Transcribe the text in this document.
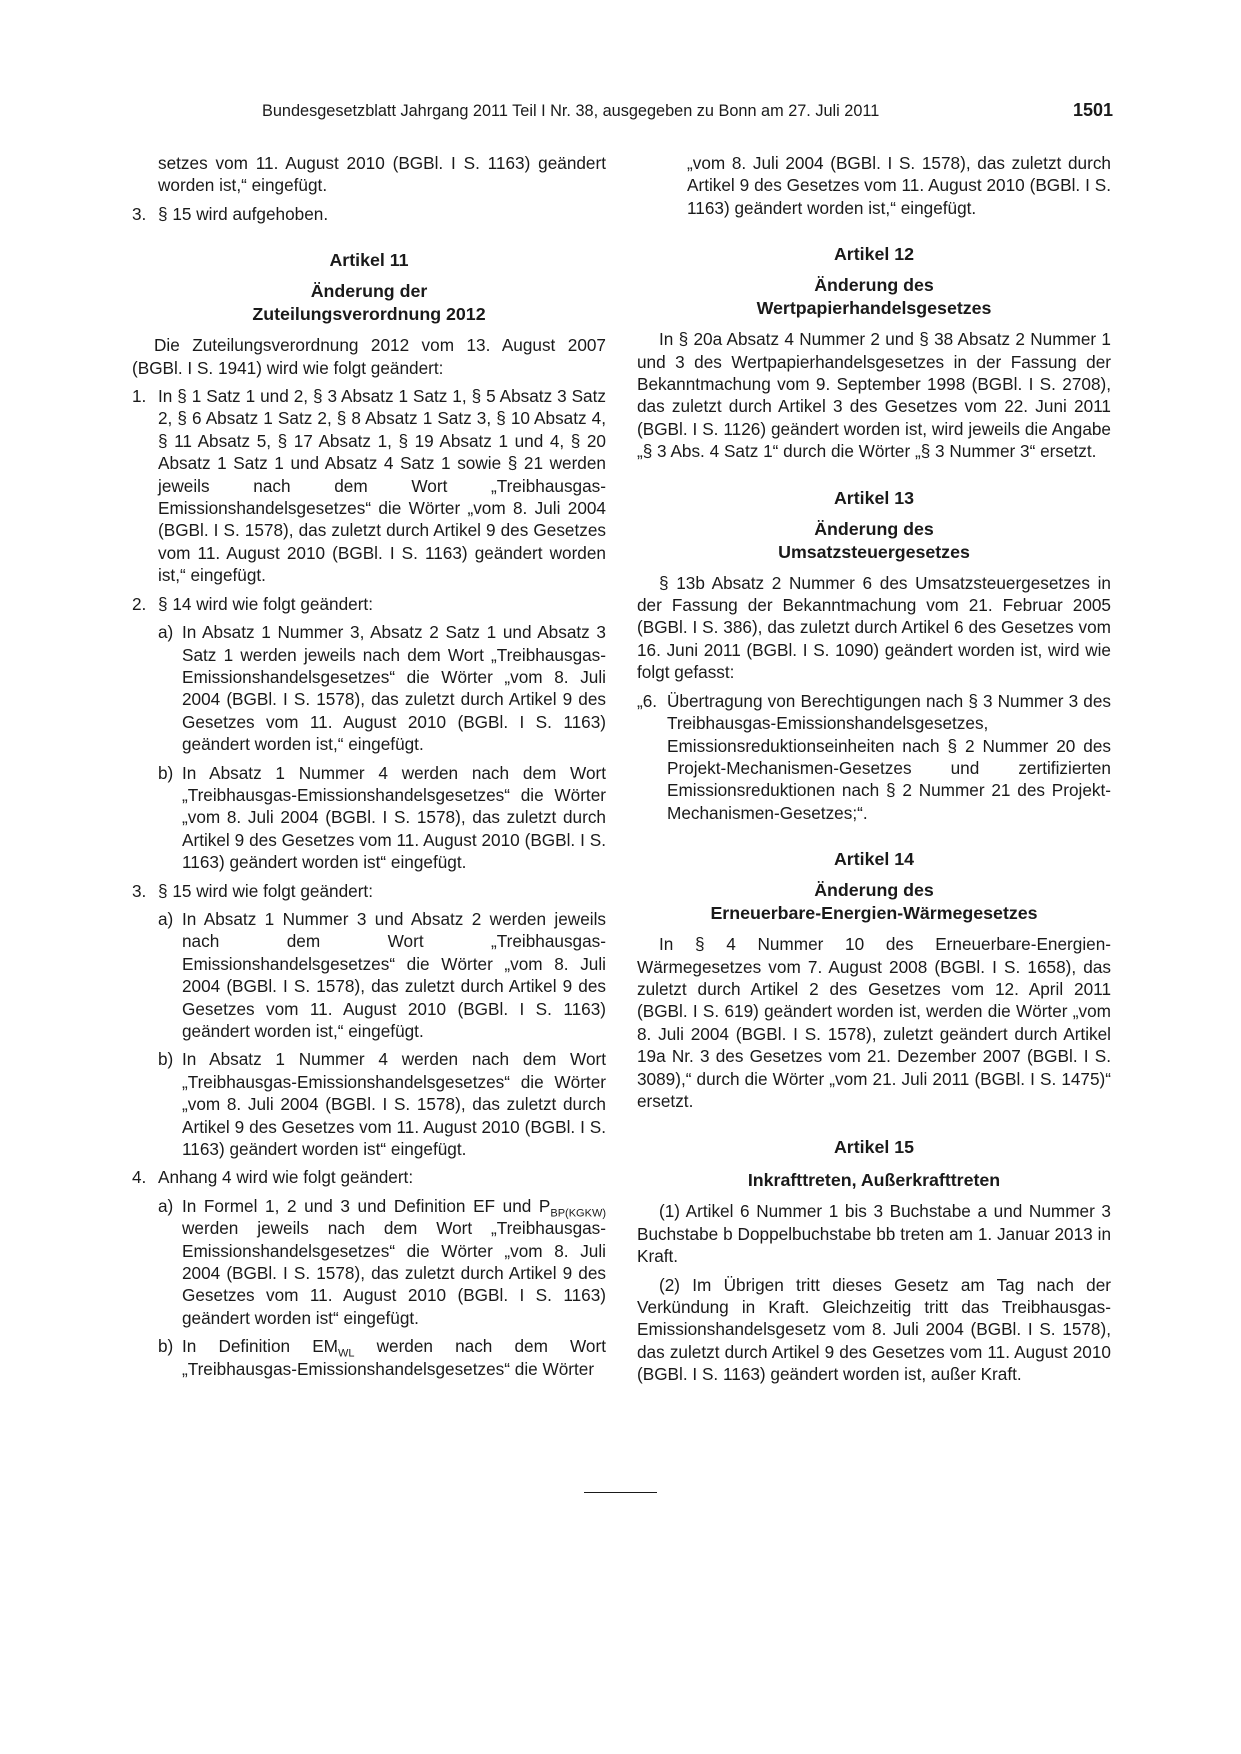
Bundesgesetzblatt Jahrgang 2011 Teil I Nr. 38, ausgegeben zu Bonn am 27. Juli 2011	1501

setzes vom 11. August 2010 (BGBl. I S. 1163) geändert worden ist,“ eingefügt.

3. § 15 wird aufgehoben.

Artikel 11

Änderung der

Zuteilungsverordnung 2012

Die Zuteilungsverordnung 2012 vom 13. August 2007 (BGBl. I S. 1941) wird wie folgt geändert:

1. In § 1 Satz 1 und 2, § 3 Absatz 1 Satz 1, § 5 Absatz 3 Satz 2, § 6 Absatz 1 Satz 2, § 8 Absatz 1 Satz 3, § 10 Absatz 4, § 11 Absatz 5, § 17 Absatz 1, § 19 Absatz 1 und 4, § 20 Absatz 1 Satz 1 und Absatz 4 Satz 1 sowie § 21 werden jeweils nach dem Wort „Treibhausgas-Emissionshandelsgesetzes“ die Wörter „vom 8. Juli 2004 (BGBl. I S. 1578), das zuletzt durch Artikel 9 des Gesetzes vom 11. August 2010 (BGBl. I S. 1163) geändert worden ist,“ eingefügt.
2. § 14 wird wie folgt geändert:
a) In Absatz 1 Nummer 3, Absatz 2 Satz 1 und Absatz 3 Satz 1 werden jeweils nach dem Wort „Treibhausgas-Emissionshandelsgesetzes“ die Wörter „vom 8. Juli 2004 (BGBl. I S. 1578), das zuletzt durch Artikel 9 des Gesetzes vom 11. August 2010 (BGBl. I S. 1163) geändert worden ist,“ eingefügt.
b) In Absatz 1 Nummer 4 werden nach dem Wort „Treibhausgas-Emissionshandelsgesetzes“ die Wörter „vom 8. Juli 2004 (BGBl. I S. 1578), das zuletzt durch Artikel 9 des Gesetzes vom 11. August 2010 (BGBl. I S. 1163) geändert worden ist“ eingefügt.
3. § 15 wird wie folgt geändert:
a) In Absatz 1 Nummer 3 und Absatz 2 werden jeweils nach dem Wort „Treibhausgas-Emissionshandelsgesetzes“ die Wörter „vom 8. Juli 2004 (BGBl. I S. 1578), das zuletzt durch Artikel 9 des Gesetzes vom 11. August 2010 (BGBl. I S. 1163) geändert worden ist,“ eingefügt.
b) In Absatz 1 Nummer 4 werden nach dem Wort „Treibhausgas-Emissionshandelsgesetzes“ die Wörter „vom 8. Juli 2004 (BGBl. I S. 1578), das zuletzt durch Artikel 9 des Gesetzes vom 11. August 2010 (BGBl. I S. 1163) geändert worden ist“ eingefügt.
4. Anhang 4 wird wie folgt geändert:
a) In Formel 1, 2 und 3 und Definition EF und $P_{BP(KGKW)}$ werden jeweils nach dem Wort „Treibhausgas-Emissionshandelsgesetzes“ die Wörter „vom 8. Juli 2004 (BGBl. I S. 1578), das zuletzt durch Artikel 9 des Gesetzes vom 11. August 2010 (BGBl. I S. 1163) geändert worden ist“ eingefügt.
b) In Definition $EM_{WL}$ werden nach dem Wort „Treibhausgas-Emissionshandelsgesetzes“ die Wörter

„vom 8. Juli 2004 (BGBl. I S. 1578), das zuletzt durch Artikel 9 des Gesetzes vom 11. August 2010 (BGBl. I S. 1163) geändert worden ist,“ eingefügt.

Artikel 12

Änderung des

Wertpapierhandelsgesetzes

In § 20a Absatz 4 Nummer 2 und § 38 Absatz 2 Nummer 1 und 3 des Wertpapierhandelsgesetzes in der Fassung der Bekanntmachung vom 9. September 1998 (BGBl. I S. 2708), das zuletzt durch Artikel 3 des Gesetzes vom 22. Juni 2011 (BGBl. I S. 1126) geändert worden ist, wird jeweils die Angabe „§ 3 Abs. 4 Satz 1“ durch die Wörter „§ 3 Nummer 3“ ersetzt.

Artikel 13

Änderung des

Umsatzsteuergesetzes

§ 13b Absatz 2 Nummer 6 des Umsatzsteuergesetzes in der Fassung der Bekanntmachung vom 21. Februar 2005 (BGBl. I S. 386), das zuletzt durch Artikel 6 des Gesetzes vom 16. Juni 2011 (BGBl. I S. 1090) geändert worden ist, wird wie folgt gefasst:

„6. Übertragung von Berechtigungen nach § 3 Nummer 3 des Treibhausgas-Emissionshandelsgesetzes, Emissionsreduktionseinheiten nach § 2 Nummer 20 des Projekt-Mechanismen-Gesetzes und zertifizierten Emissionsreduktionen nach § 2 Nummer 21 des Projekt-Mechanismen-Gesetzes;“.

Artikel 14

Änderung des

Erneuerbare-Energien-Wärmegesetzes

In § 4 Nummer 10 des Erneuerbare-Energien-Wärmegesetzes vom 7. August 2008 (BGBl. I S. 1658), das zuletzt durch Artikel 2 des Gesetzes vom 12. April 2011 (BGBl. I S. 619) geändert worden ist, werden die Wörter „vom 8. Juli 2004 (BGBl. I S. 1578), zuletzt geändert durch Artikel 19a Nr. 3 des Gesetzes vom 21. Dezember 2007 (BGBl. I S. 3089),“ durch die Wörter „vom 21. Juli 2011 (BGBl. I S. 1475)“ ersetzt.

Artikel 15

Inkrafttreten, Außerkrafttreten

(1) Artikel 6 Nummer 1 bis 3 Buchstabe a und Nummer 3 Buchstabe b Doppelbuchstabe bb treten am 1. Januar 2013 in Kraft.

(2) Im Übrigen tritt dieses Gesetz am Tag nach der Verkündung in Kraft. Gleichzeitig tritt das Treibhausgas-Emissionshandelsgesetz vom 8. Juli 2004 (BGBl. I S. 1578), das zuletzt durch Artikel 9 des Gesetzes vom 11. August 2010 (BGBl. I S. 1163) geändert worden ist, außer Kraft.
